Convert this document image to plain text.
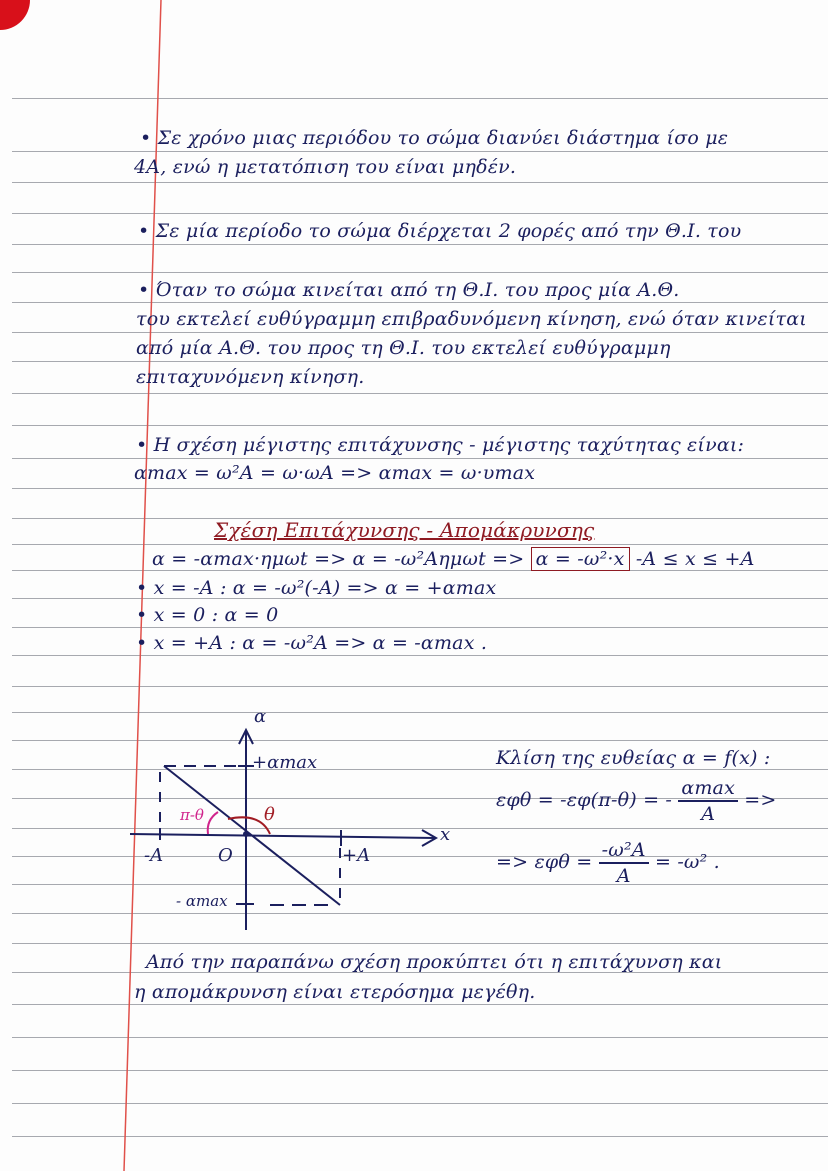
• Σε χρόνο μιας περιόδου το σώμα διανύει διάστημα ίσο με
4A, ενώ η μετατόπιση του είναι μηδέν.
• Σε μία περίοδο το σώμα διέρχεται 2 φορές από την Θ.Ι. του
• Όταν το σώμα κινείται από τη Θ.Ι. του προς μία Α.Θ.
του εκτελεί ευθύγραμμη επιβραδυνόμενη κίνηση, ενώ όταν κινείται
από μία Α.Θ. του προς τη Θ.Ι. του εκτελεί ευθύγραμμη
επιταχυνόμενη κίνηση.
• Η σχέση μέγιστης επιτάχυνσης - μέγιστης ταχύτητας είναι:
αmax = ω²A = ω·ωA => αmax = ω·υmax
Σχέση Επιτάχυνσης - Απομάκρυνσης
α = -αmax·ημωt => α = -ω²Aημωt => α = -ω²·x -A ≤ x ≤ +A
• x = -A : α = -ω²(-A) => α = +αmax
• x = 0 : α = 0
• x = +A : α = -ω²A => α = -αmax .
α
x
+αmax
- αmax
-A	O	+A
θ
π-θ
Κλίση της ευθείας α = f(x) :
εφθ = -εφ(π-θ) = - $\frac{\alpha\max}{A}$ =>
=> $\varepsilon\varphi\theta = \frac{\text{-ω²A}}{A} = -\omega^2$ .
Από την παραπάνω σχέση προκύπτει ότι η επιτάχυνση και
η απομάκρυνση είναι ετερόσημα μεγέθη.
